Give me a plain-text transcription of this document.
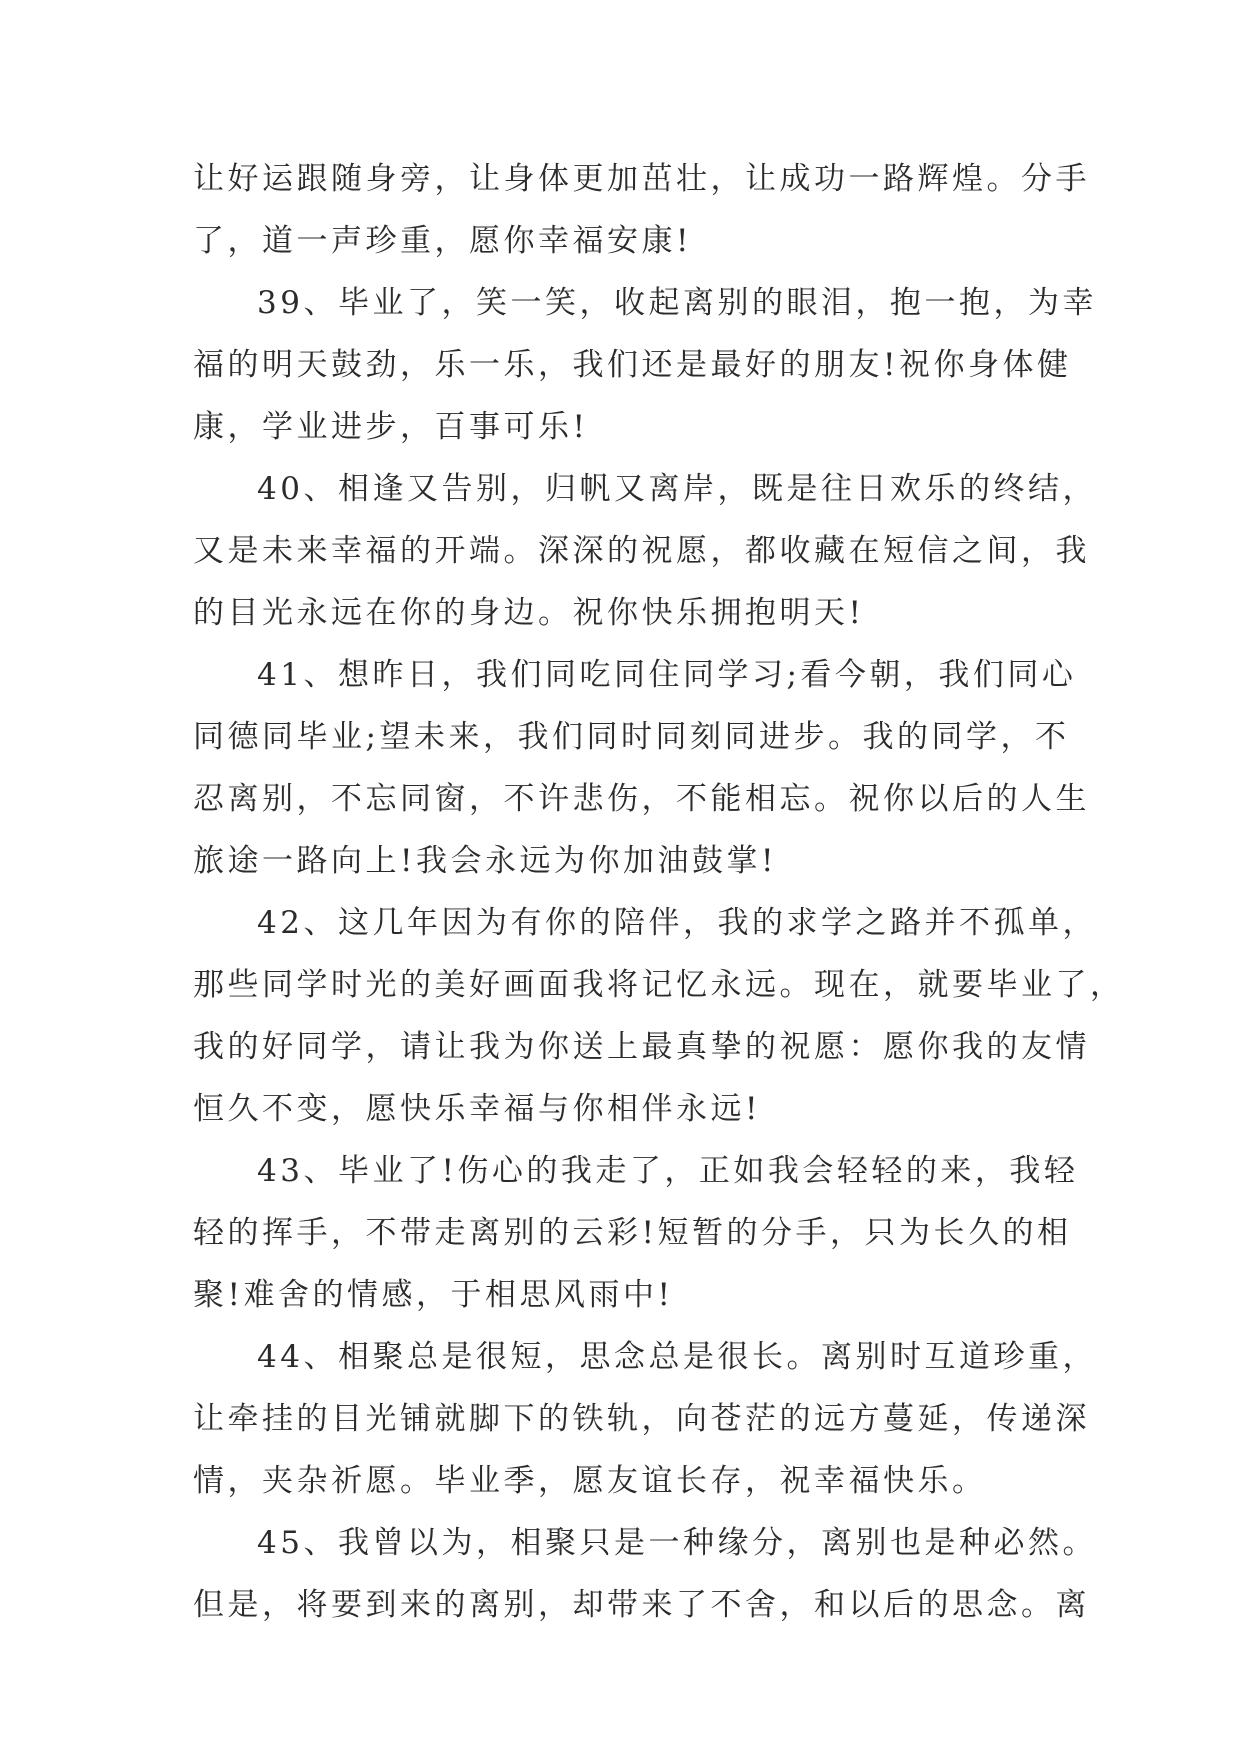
让好运跟随身旁，让身体更加茁壮，让成功一路辉煌。分手
了，道一声珍重，愿你幸福安康!
39、毕业了，笑一笑，收起离别的眼泪，抱一抱，为幸
福的明天鼓劲，乐一乐，我们还是最好的朋友!祝你身体健
康，学业进步，百事可乐!
40、相逢又告别，归帆又离岸，既是往日欢乐的终结，
又是未来幸福的开端。深深的祝愿，都收藏在短信之间，我
的目光永远在你的身边。祝你快乐拥抱明天!
41、想昨日，我们同吃同住同学习;看今朝，我们同心
同德同毕业;望未来，我们同时同刻同进步。我的同学，不
忍离别，不忘同窗，不许悲伤，不能相忘。祝你以后的人生
旅途一路向上!我会永远为你加油鼓掌!
42、这几年因为有你的陪伴，我的求学之路并不孤单，
那些同学时光的美好画面我将记忆永远。现在，就要毕业了，
我的好同学，请让我为你送上最真挚的祝愿：愿你我的友情
恒久不变，愿快乐幸福与你相伴永远!
43、毕业了!伤心的我走了，正如我会轻轻的来，我轻
轻的挥手，不带走离别的云彩!短暂的分手，只为长久的相
聚!难舍的情感，于相思风雨中!
44、相聚总是很短，思念总是很长。离别时互道珍重，
让牵挂的目光铺就脚下的铁轨，向苍茫的远方蔓延，传递深
情，夹杂祈愿。毕业季，愿友谊长存，祝幸福快乐。
45、我曾以为，相聚只是一种缘分，离别也是种必然。
但是，将要到来的离别，却带来了不舍，和以后的思念。离
